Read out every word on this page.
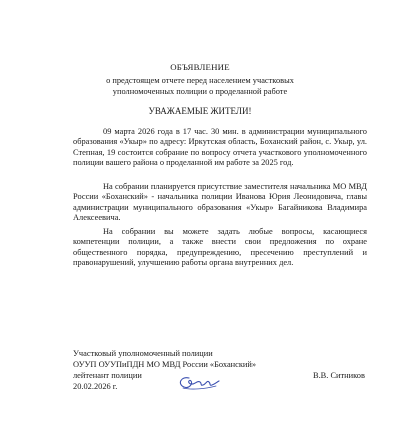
ОБЪЯВЛЕНИЕ
о предстоящем отчете перед населением участковых
уполномоченных полиции о проделанной работе
УВАЖАЕМЫЕ ЖИТЕЛИ!
09 марта 2026 года в 17 час. 30 мин. в администрации муниципального образования «Укыр» по адресу: Иркутская область, Боханский район, с. Укыр, ул. Степная, 19 состоится собрание по вопросу отчета участкового уполномоченного полиции вашего района о проделанной им работе за 2025 год.
На собрании планируется присутствие заместителя начальника МО МВД России «Боханский» - начальника полиции Иванова Юрия Леонидовича, главы администрации муниципального образования «Укыр» Багайникова Владимира Алексеевича.
На собрании вы можете задать любые вопросы, касающиеся компетенции полиции, а также внести свои предложения по охране общественного порядка, предупреждению, пресечению преступлений и правонарушений, улучшению работы органа внутренних дел.
Участковый уполномоченный полиции
ОУУП ОУУПиПДН МО МВД России «Боханский»
лейтенант полиции
20.02.2026 г.
В.В. Ситников
